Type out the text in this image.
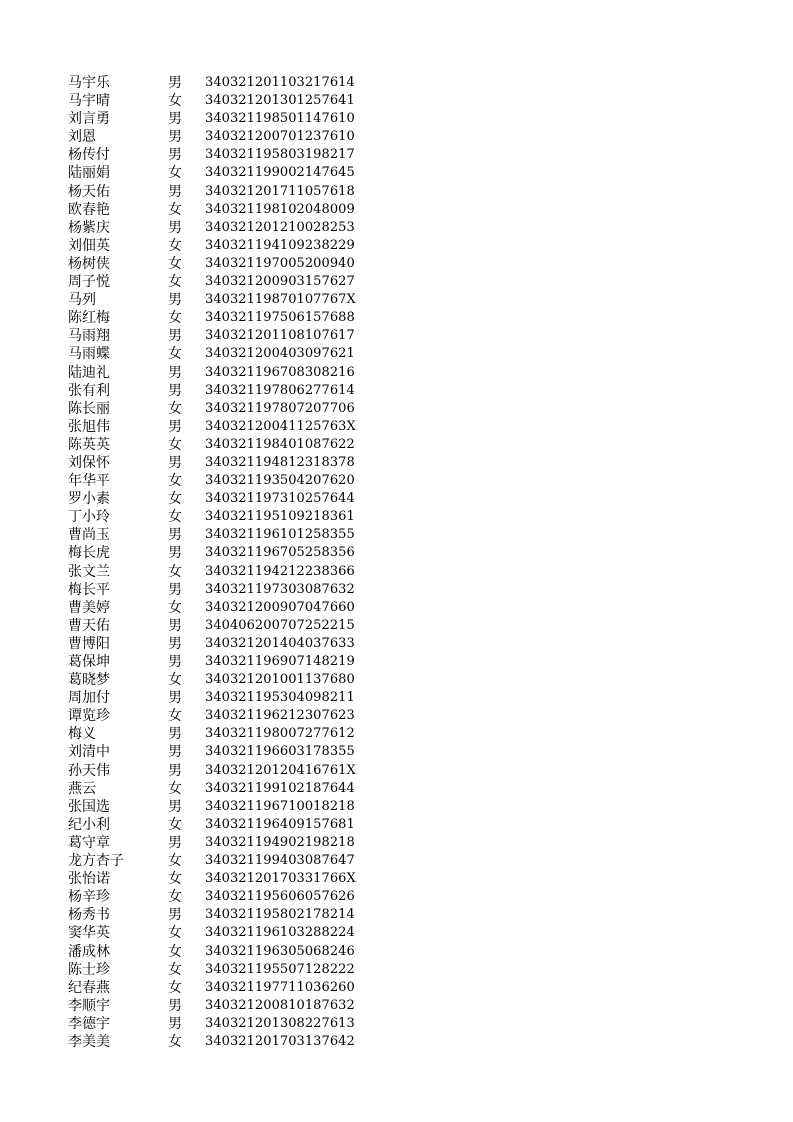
马宇乐	男 340321201103217614
马宇晴	女 340321201301257641
刘言勇	男 340321198501147610
刘恩	男 340321200701237610
杨传付	男 340321195803198217
陆丽娟	女 340321199002147645
杨天佑	男 340321201711057618
欧春艳	女 340321198102048009
杨紫庆	男 340321201210028253
刘佃英	女 340321194109238229
杨树侠	女 340321197005200940
周子悦	女 340321200903157627
马列	男 34032119870107767X
陈红梅	女 340321197506157688
马雨翔	男 340321201108107617
马雨蝶	女 340321200403097621
陆迪礼	男 340321196708308216
张有利	男 340321197806277614
陈长丽	女 340321197807207706
张旭伟	男 34032120041125763X
陈英英	女 340321198401087622
刘保怀	男 340321194812318378
年华平	女 340321193504207620
罗小素	女 340321197310257644
丁小玲	女 340321195109218361
曹尚玉	男 340321196101258355
梅长虎	男 340321196705258356
张文兰	女 340321194212238366
梅长平	男 340321197303087632
曹美婷	女 340321200907047660
曹天佑	男 340406200707252215
曹博阳	男 340321201404037633
葛保坤	男 340321196907148219
葛晓梦	女 340321201001137680
周加付	男 340321195304098211
谭览珍	女 340321196212307623
梅义	男 340321198007277612
刘清中	男 340321196603178355
孙天伟	男 34032120120416761X
燕云	女 340321199102187644
张国选	男 340321196710018218
纪小利	女 340321196409157681
葛守章	男 340321194902198218
龙方杏子	女 340321199403087647
张怡诺	女 34032120170331766X
杨辛珍	女 340321195606057626
杨秀书	男 340321195802178214
窦华英	女 340321196103288224
潘成林	女 340321196305068246
陈士珍	女 340321195507128222
纪春燕	女 340321197711036260
李顺宇	男 340321200810187632
李德宇	男 340321201308227613
李美美	女 340321201703137642
